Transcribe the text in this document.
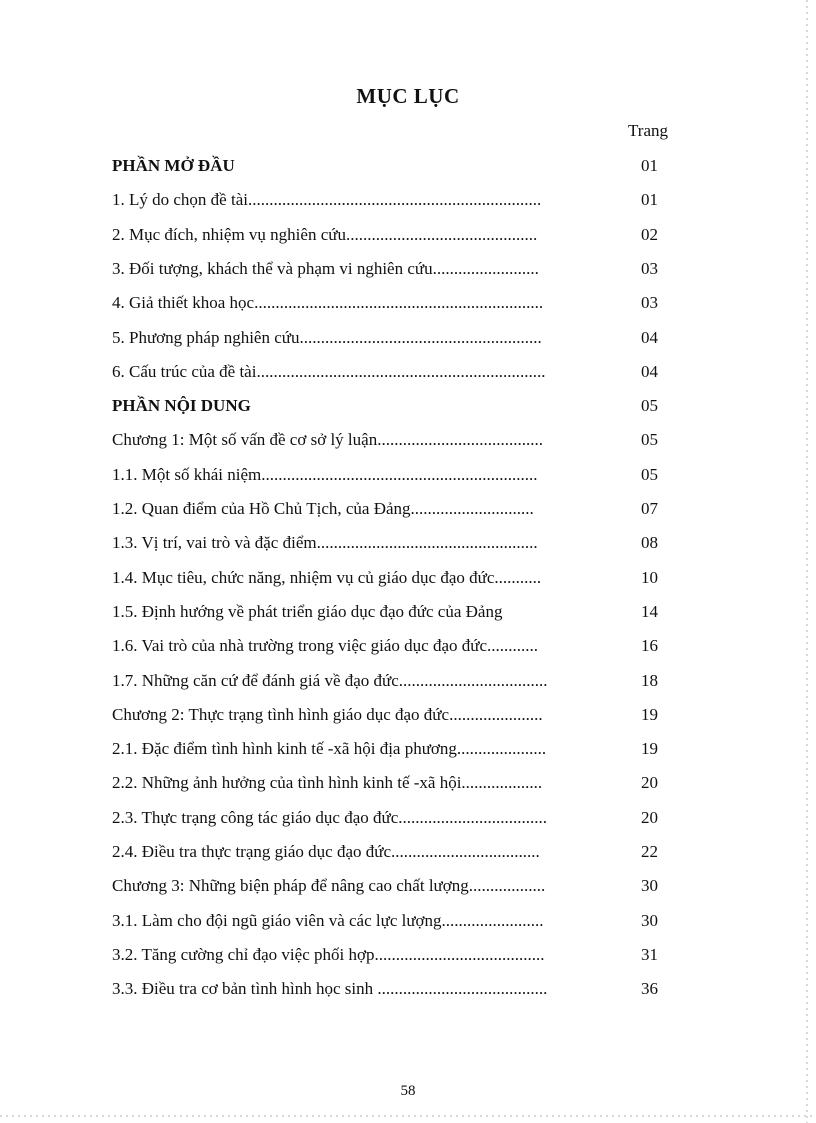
MỤC LỤC
Trang
PHẦN MỞ ĐẦU	01
1. Lý do chọn đề tài.....................................................................	01
2. Mục đích, nhiệm vụ nghiên cứu.............................................	02
3. Đối tượng, khách thể và phạm vi nghiên cứu.........................	03
4. Giả thiết khoa học....................................................................	03
5. Phương pháp nghiên cứu.........................................................	04
6. Cấu trúc của đề tài....................................................................	04
PHẦN NỘI DUNG	05
Chương 1: Một số vấn đề cơ sở lý luận.......................................	05
1.1. Một số khái niệm.................................................................	05
1.2. Quan điểm của Hồ Chủ Tịch, của Đảng.............................	07
1.3. Vị trí, vai trò và đặc điểm....................................................	08
1.4. Mục tiêu, chức năng, nhiệm vụ củ giáo dục đạo đức...........	10
1.5. Định hướng về phát triển giáo dục đạo đức của Đảng	14
1.6. Vai trò của nhà trường trong việc giáo dục đạo đức............	16
1.7. Những căn cứ để đánh giá về đạo đức...................................	18
Chương 2: Thực trạng tình hình giáo dục đạo đức......................	19
2.1. Đặc điểm tình hình kinh tế -xã hội địa phương.....................	19
2.2. Những ảnh hưởng của tình hình kinh tế -xã hội...................	20
2.3. Thực trạng công tác giáo dục đạo đức...................................	20
2.4. Điều tra thực trạng giáo dục đạo đức...................................	22
Chương 3: Những biện pháp để nâng cao chất lượng..................	30
3.1. Làm cho đội ngũ giáo viên và các lực lượng........................	30
3.2. Tăng cường chỉ đạo việc phối hợp........................................	31
3.3. Điều tra cơ bản tình hình học sinh ........................................	36
58
